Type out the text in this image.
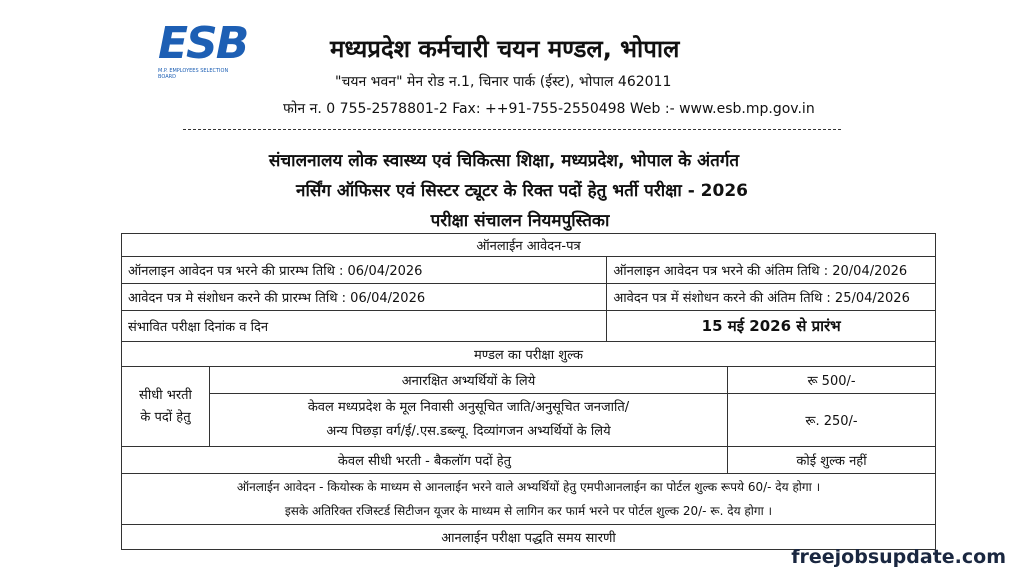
ESB
M.P. EMPLOYEES SELECTION BOARD
मध्यप्रदेश कर्मचारी चयन मण्डल, भोपाल
"चयन भवन" मेन रोड न.1, चिनार पार्क (ईस्ट), भोपाल 462011
फोन न. 0 755-2578801-2 Fax: ++91-755-2550498 Web :- www.esb.mp.gov.in
संचालनालय लोक स्वास्थ्य एवं चिकित्सा शिक्षा, मध्यप्रदेश, भोपाल के अंतर्गत
नर्सिंग ऑफिसर एवं सिस्टर ट्यूटर के रिक्त पदों हेतु भर्ती परीक्षा - 2026
परीक्षा संचालन नियमपुस्तिका
ऑनलाईन आवेदन-पत्र			
ऑनलाइन आवेदन पत्र भरने की प्रारम्भ तिथि : 06/04/2026		ऑनलाइन आवेदन पत्र भरने की अंतिम तिथि : 20/04/2026	
आवेदन पत्र मे संशोधन करने की प्रारम्भ तिथि : 06/04/2026		आवेदन पत्र में संशोधन करने की अंतिम तिथि : 25/04/2026	
संभावित परीक्षा दिनांक व दिन		15 मई 2026 से प्रारंभ	
मण्डल का परीक्षा शुल्क			

सीधी भरती
के पदों हेतु	अनारक्षित अभ्यर्थियों के लिये		रू 500/-

	केवल मध्यप्रदेश के मूल निवासी अनुसूचित जाति/अनुसूचित जनजाति/
अन्य पिछड़ा वर्ग/ई/.एस.डब्ल्यू. दिव्यांगजन अभ्यर्थियों के लिये		रू. 250/-
केवल सीधी भरती - बैकलॉग पदों हेतु			कोई शुल्क नहीं

ऑनलाईन आवेदन - कियोस्क के माध्यम से आनलाईन भरने वाले अभ्यर्थियों हेतु एमपीआनलाईन का पोर्टल शुल्क रूपये 60/- देय होगा ।
इसके अतिरिक्त रजिस्टर्ड सिटीजन यूजर के माध्यम से लागिन कर फार्म भरने पर पोर्टल शुल्क 20/- रू. देय होगा ।			

आनलाईन परीक्षा पद्धति समय सारणी			
freejobsupdate.com
